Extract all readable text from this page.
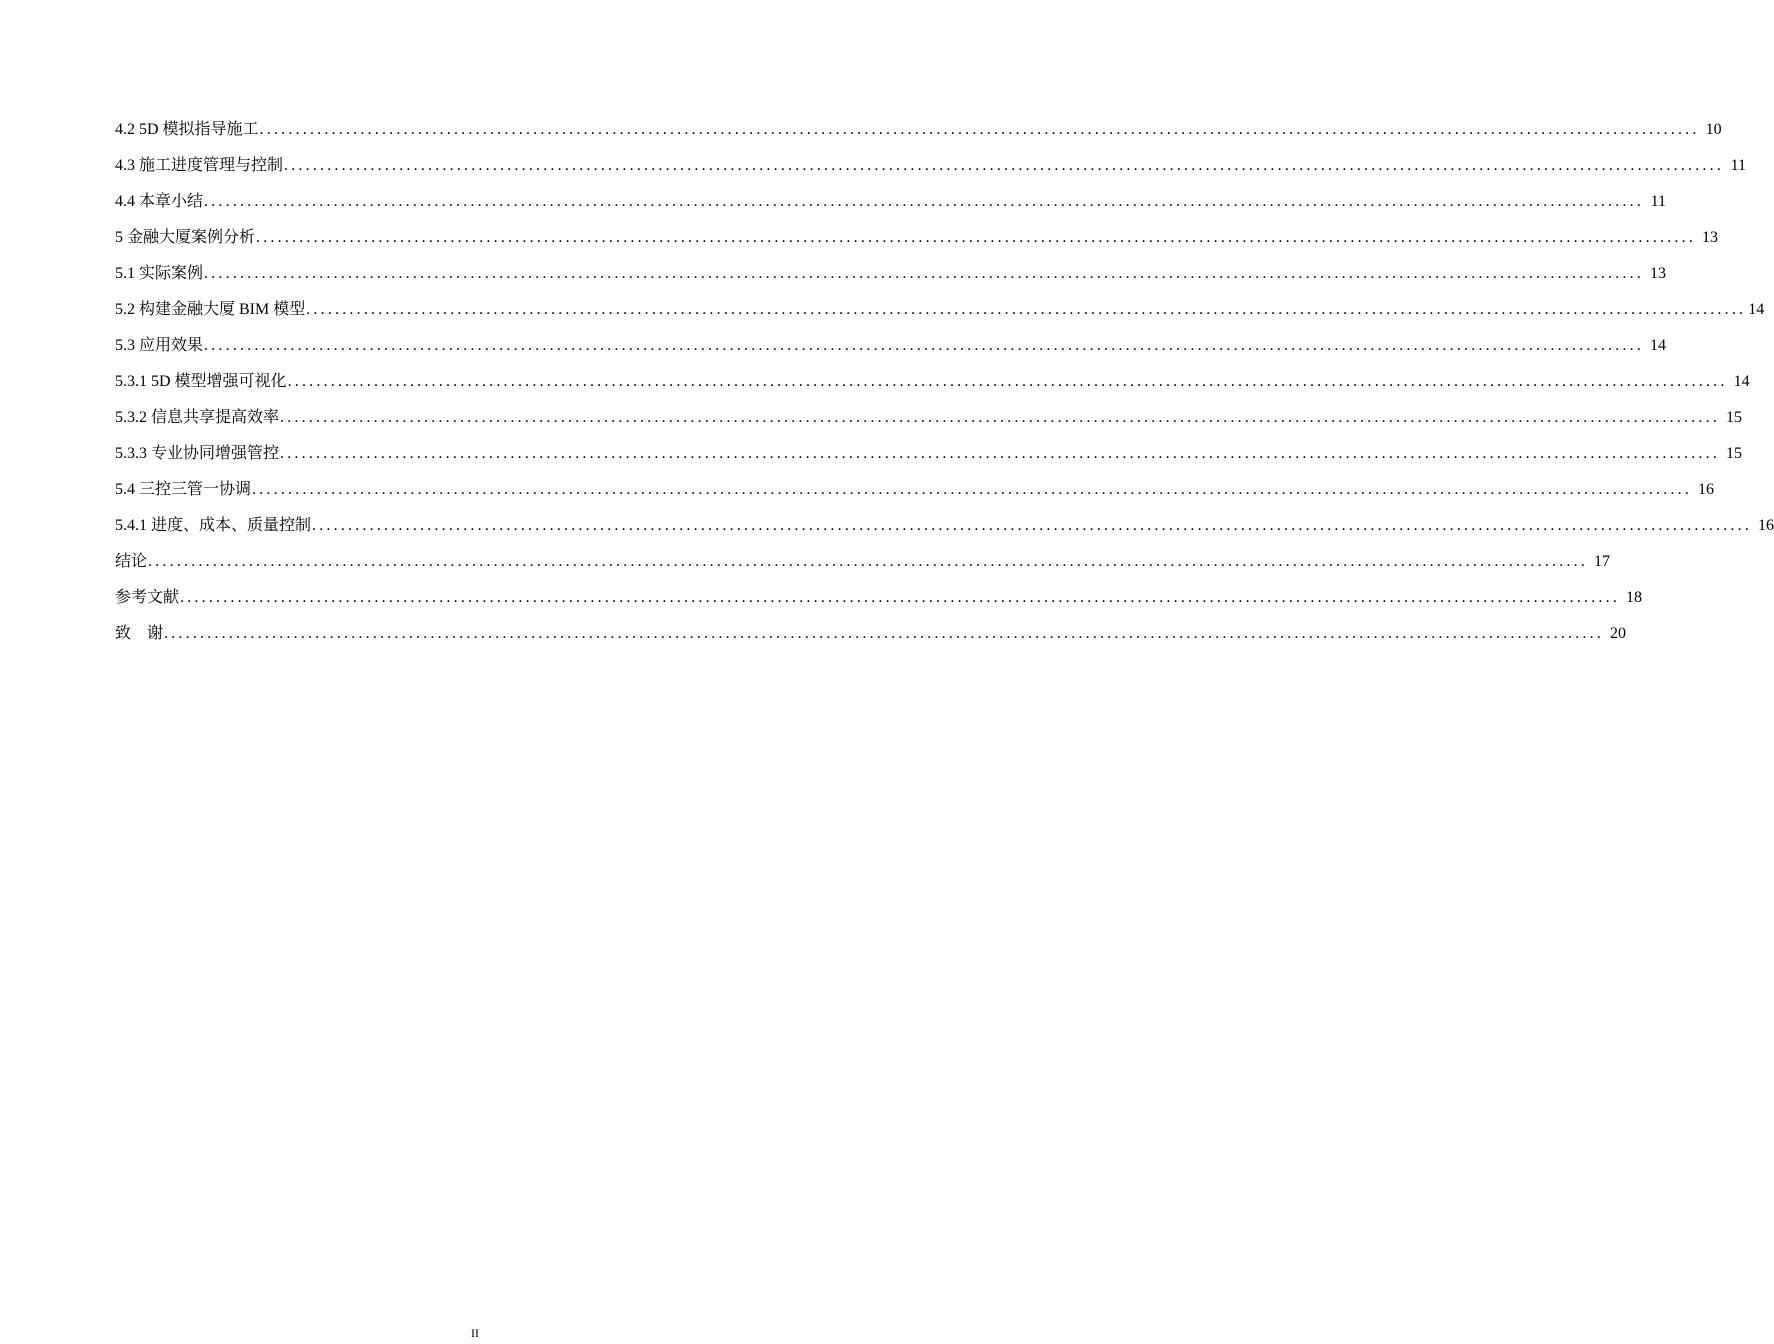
4.2 5D 模拟指导施工 ........................................................................................................................................................................................................ 10
4.3 施工进度管理与控制 ........................................................................................................................................................................................................ 11
4.4 本章小结 ........................................................................................................................................................................................................ 11
5 金融大厦案例分析 ........................................................................................................................................................................................................ 13
5.1 实际案例 ........................................................................................................................................................................................................ 13
5.2 构建金融大厦 BIM 模型 ........................................................................................................................................................................................................ 14
5.3 应用效果 ........................................................................................................................................................................................................ 14
5.3.1 5D 模型增强可视化 ........................................................................................................................................................................................................ 14
5.3.2 信息共享提高效率 ........................................................................................................................................................................................................ 15
5.3.3 专业协同增强管控 ........................................................................................................................................................................................................ 15
5.4 三控三管一协调 ........................................................................................................................................................................................................ 16
5.4.1 进度、成本、质量控制 ........................................................................................................................................................................................................ 16
结论 ........................................................................................................................................................................................................ 17
参考文献 ........................................................................................................................................................................................................ 18
致    谢 ........................................................................................................................................................................................................ 20
II
